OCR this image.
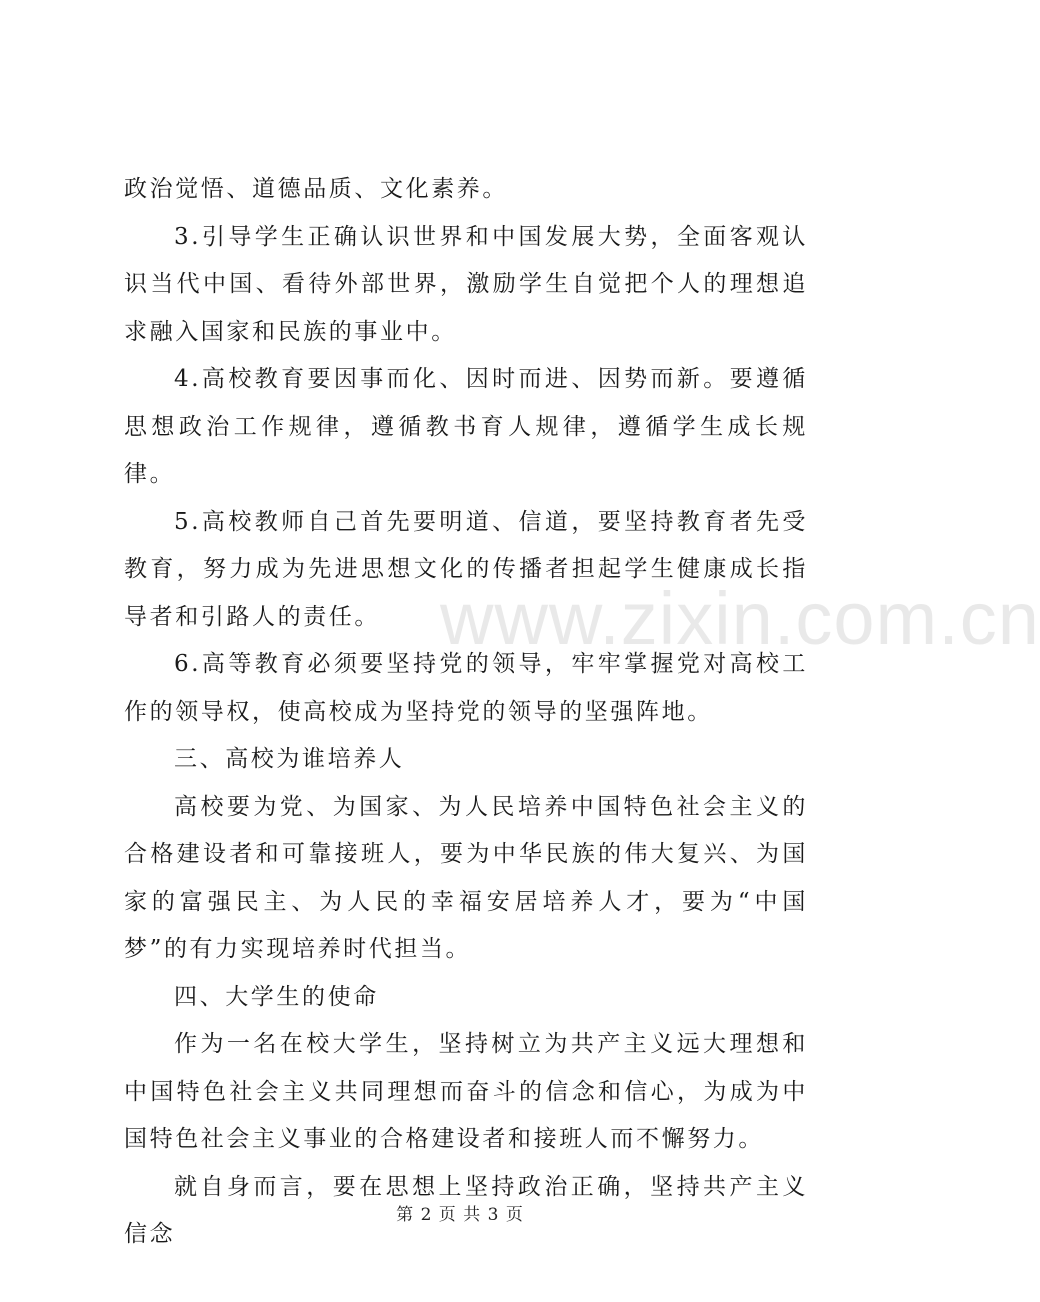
政治觉悟、道德品质、文化素养。

3.引导学生正确认识世界和中国发展大势，全面客观认识当代中国、看待外部世界，激励学生自觉把个人的理想追求融入国家和民族的事业中。

4.高校教育要因事而化、因时而进、因势而新。要遵循思想政治工作规律，遵循教书育人规律，遵循学生成长规律。

5.高校教师自己首先要明道、信道，要坚持教育者先受教育，努力成为先进思想文化的传播者担起学生健康成长指导者和引路人的责任。

6.高等教育必须要坚持党的领导，牢牢掌握党对高校工作的领导权，使高校成为坚持党的领导的坚强阵地。

三、高校为谁培养人

高校要为党、为国家、为人民培养中国特色社会主义的合格建设者和可靠接班人，要为中华民族的伟大复兴、为国家的富强民主、为人民的幸福安居培养人才，要为“中国梦”的有力实现培养时代担当。

四、大学生的使命

作为一名在校大学生，坚持树立为共产主义远大理想和中国特色社会主义共同理想而奋斗的信念和信心，为成为中国特色社会主义事业的合格建设者和接班人而不懈努力。

就自身而言，要在思想上坚持政治正确，坚持共产主义信念

www.zixin.com.cn
第 2 页 共 3 页
